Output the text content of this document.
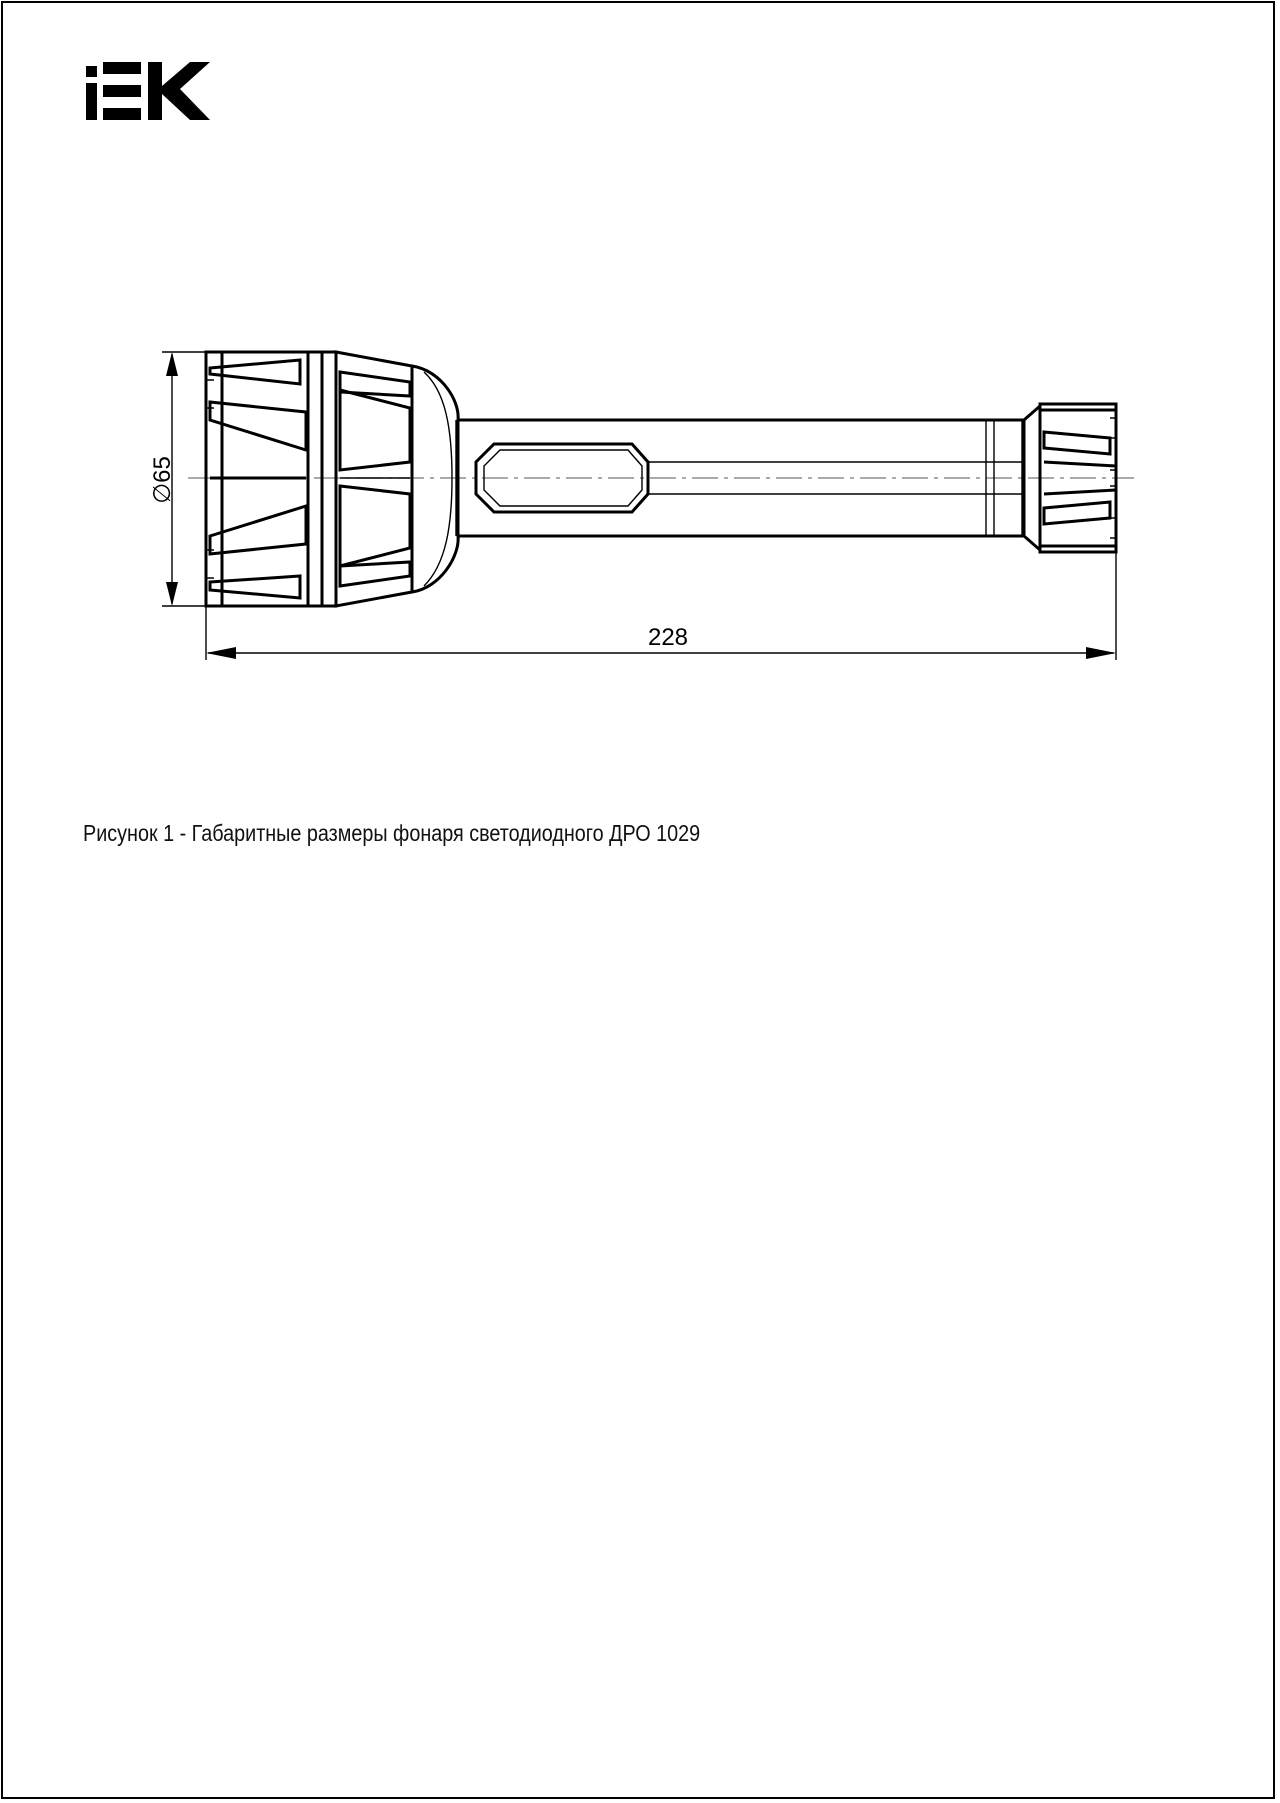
∅65
228
Рисунок 1 - Габаритные размеры фонаря светодиодного ДРО 1029
